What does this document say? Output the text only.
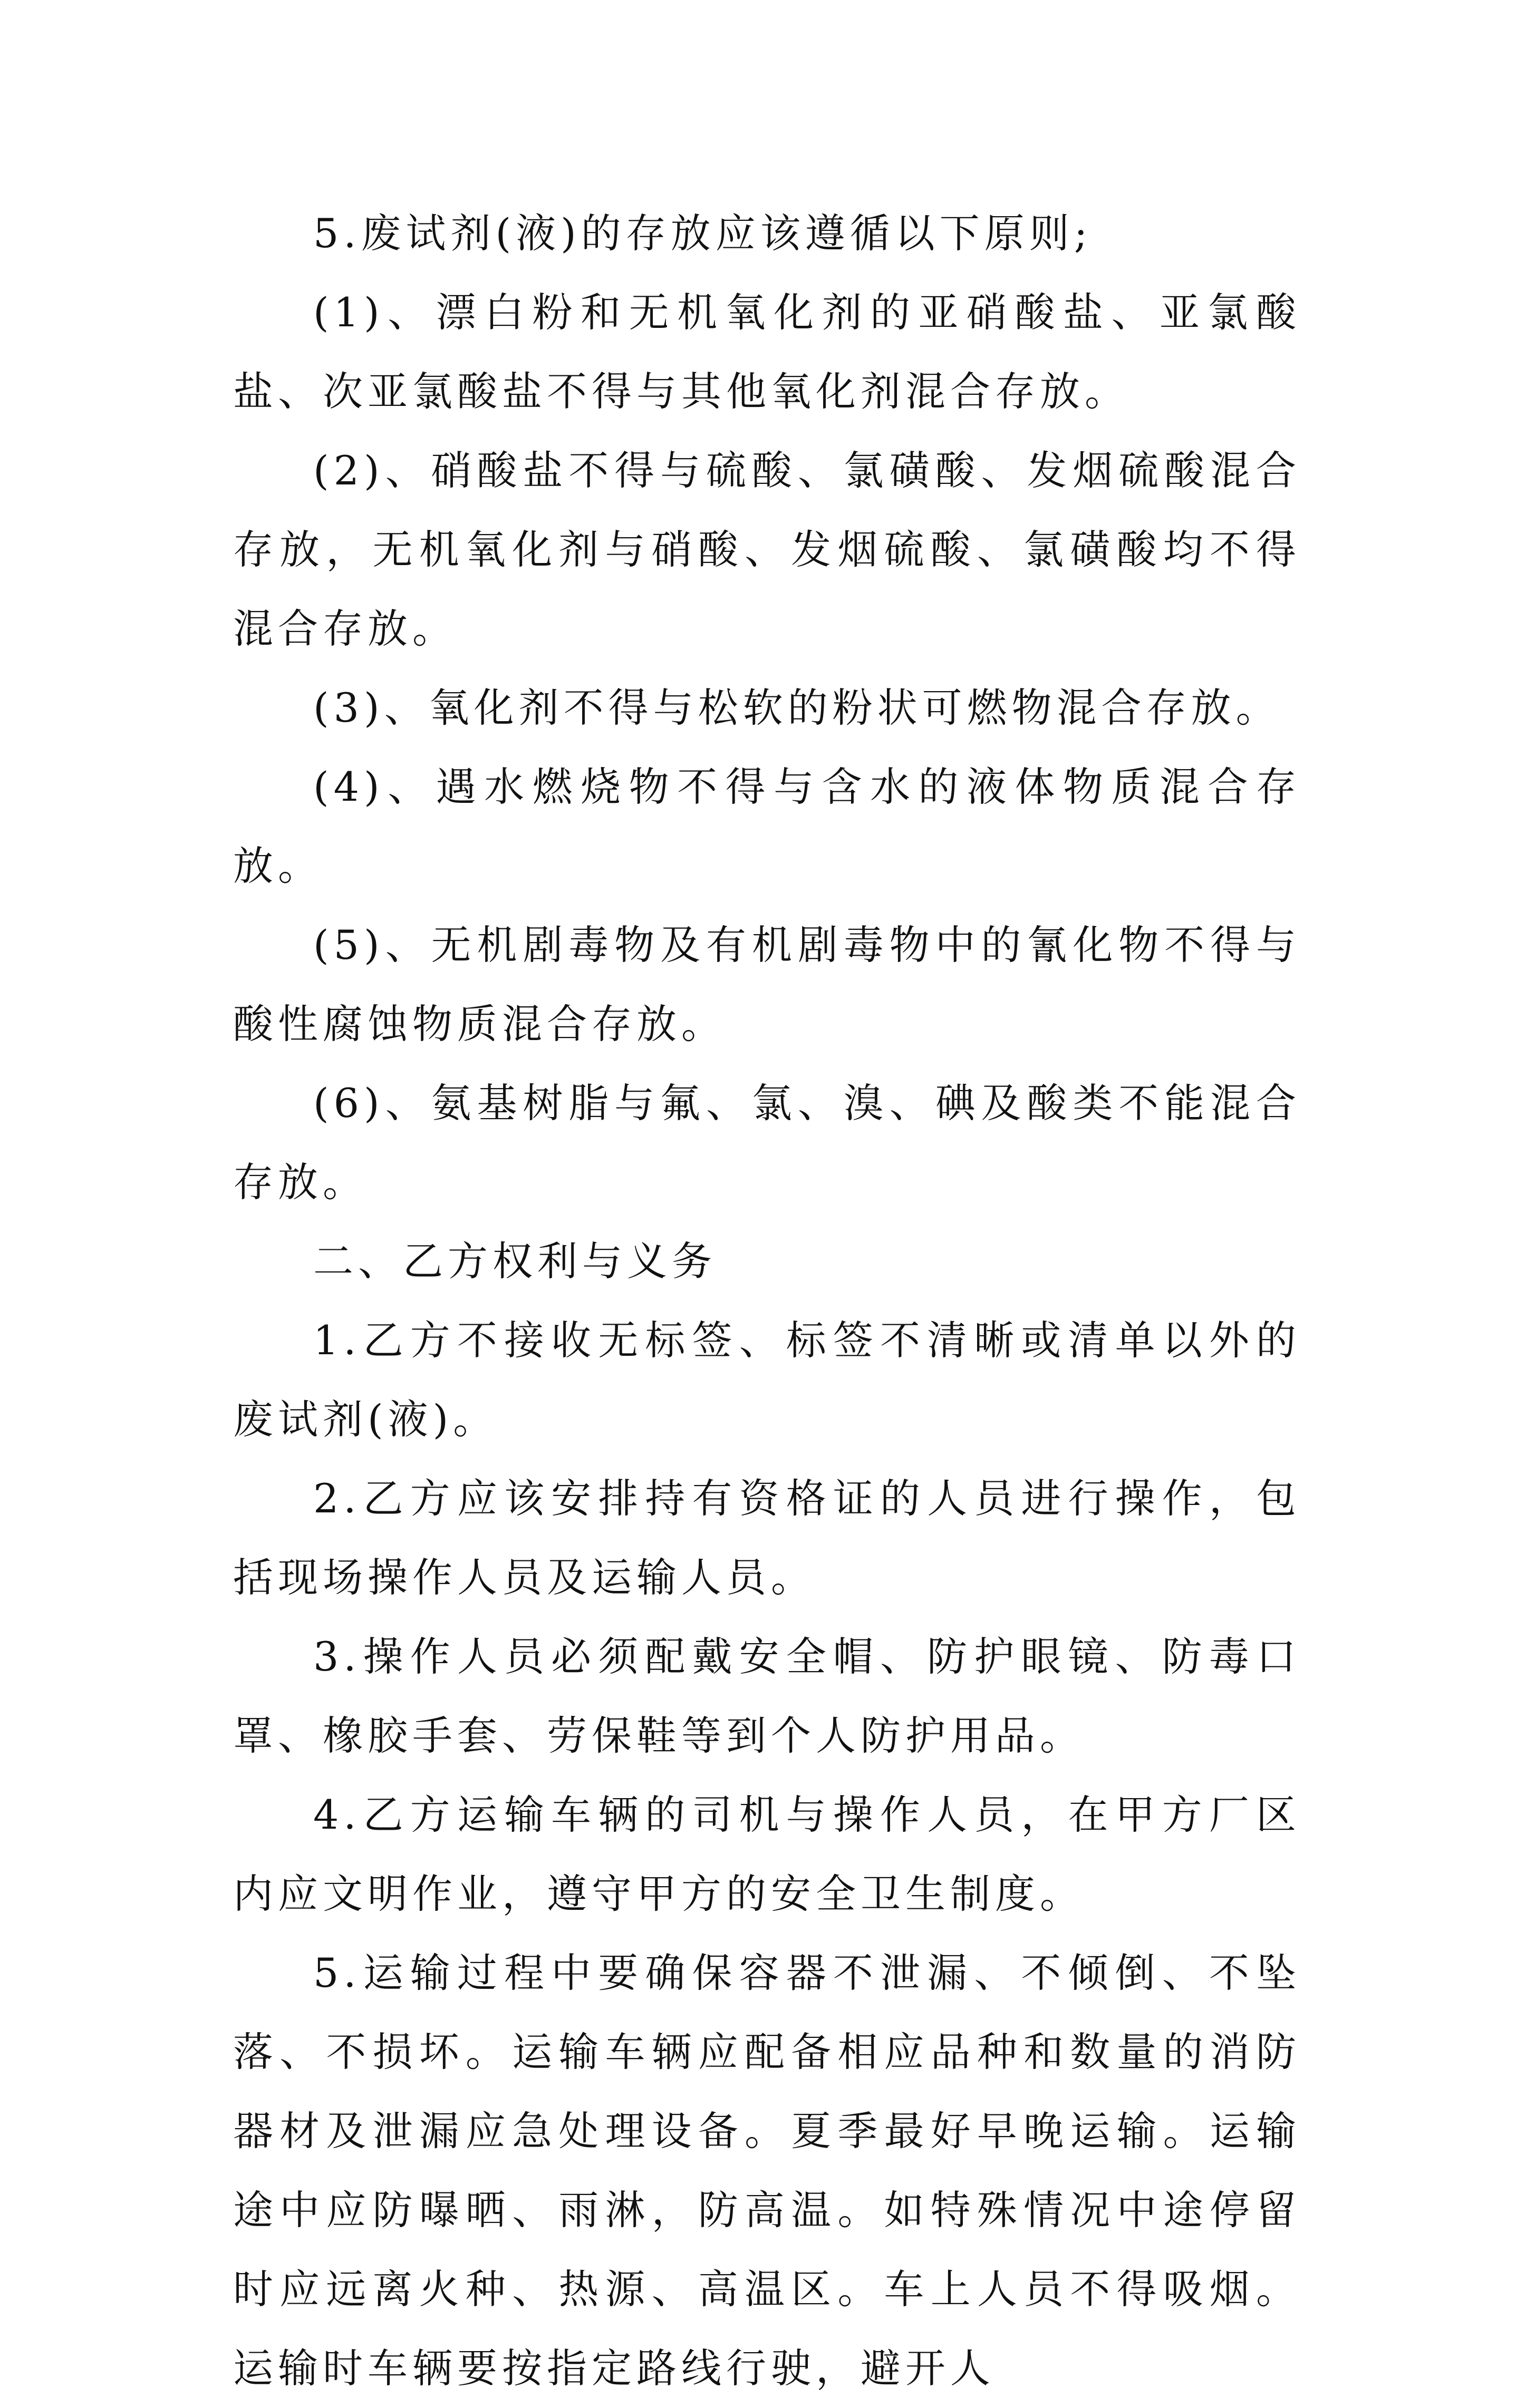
5.废试剂(液)的存放应该遵循以下原则;

(1)、漂白粉和无机氧化剂的亚硝酸盐、亚氯酸盐、次亚氯酸盐不得与其他氧化剂混合存放。

(2)、硝酸盐不得与硫酸、氯磺酸、发烟硫酸混合存放，无机氧化剂与硝酸、发烟硫酸、氯磺酸均不得混合存放。

(3)、氧化剂不得与松软的粉状可燃物混合存放。

(4)、遇水燃烧物不得与含水的液体物质混合存放。

(5)、无机剧毒物及有机剧毒物中的氰化物不得与酸性腐蚀物质混合存放。

(6)、氨基树脂与氟、氯、溴、碘及酸类不能混合存放。

二、乙方权利与义务

1.乙方不接收无标签、标签不清晰或清单以外的废试剂(液)。

2.乙方应该安排持有资格证的人员进行操作，包括现场操作人员及运输人员。

3.操作人员必须配戴安全帽、防护眼镜、防毒口罩、橡胶手套、劳保鞋等到个人防护用品。

4.乙方运输车辆的司机与操作人员，在甲方厂区内应文明作业，遵守甲方的安全卫生制度。

5.运输过程中要确保容器不泄漏、不倾倒、不坠落、不损坏。运输车辆应配备相应品种和数量的消防器材及泄漏应急处理设备。夏季最好早晚运输。运输途中应防曝晒、雨淋，防高温。如特殊情况中途停留时应远离火种、热源、高温区。车上人员不得吸烟。运输时车辆要按指定路线行驶，避开人
